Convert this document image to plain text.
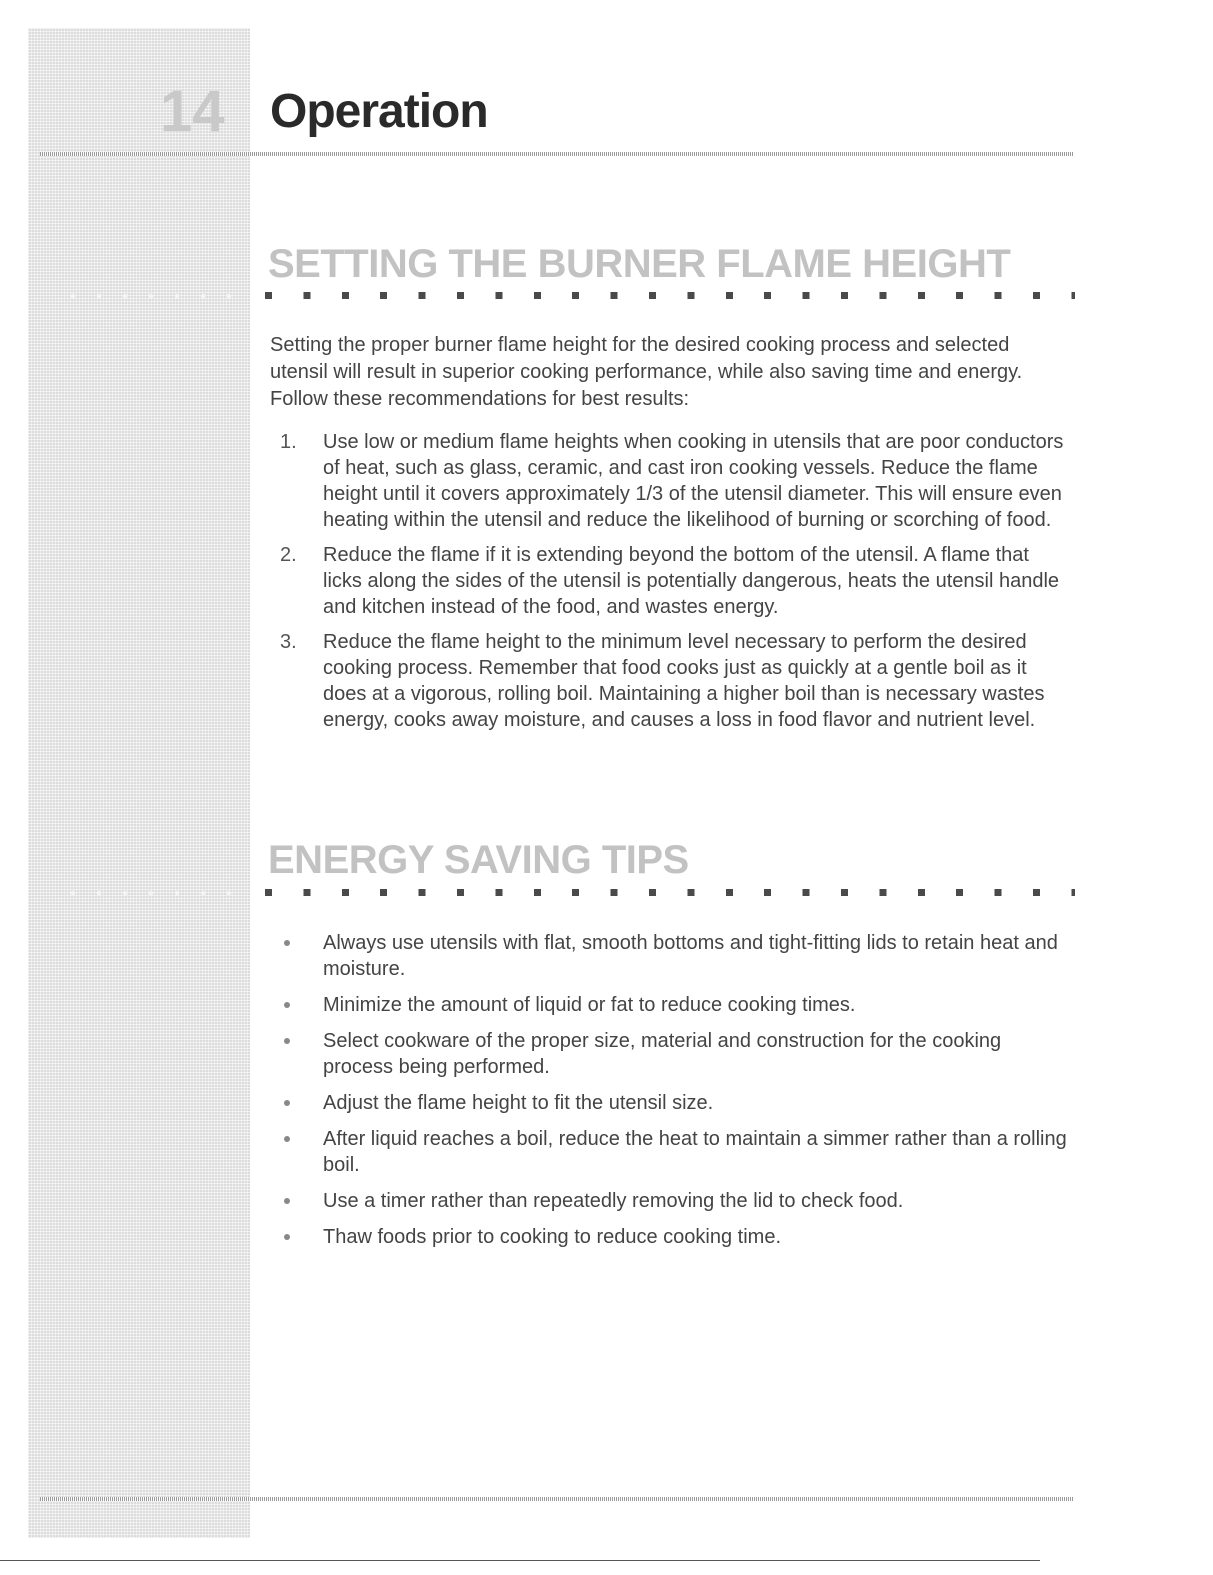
14 Operation
SETTING THE BURNER FLAME HEIGHT

Setting the proper burner flame height for the desired cooking process and selected utensil will result in superior cooking performance, while also saving time and energy. Follow these recommendations for best results:

1.	Use low or medium flame heights when cooking in utensils that are poor conductors of heat, such as glass, ceramic, and cast iron cooking vessels. Reduce the flame height until it covers approximately 1/3 of the utensil diameter. This will ensure even heating within the utensil and reduce the likelihood of burning or scorching of food.
2.	Reduce the flame if it is extending beyond the bottom of the utensil. A flame that licks along the sides of the utensil is potentially dangerous, heats the utensil handle and kitchen instead of the food, and wastes energy.
3.	Reduce the flame height to the minimum level necessary to perform the desired cooking process. Remember that food cooks just as quickly at a gentle boil as it does at a vigorous, rolling boil. Maintaining a higher boil than is necessary wastes energy, cooks away moisture, and causes a loss in food flavor and nutrient level.
ENERGY SAVING TIPS
Always use utensils with flat, smooth bottoms and tight-fitting lids to retain heat and moisture.
Minimize the amount of liquid or fat to reduce cooking times.
Select cookware of the proper size, material and construction for the cooking process being performed.
Adjust the flame height to fit the utensil size.
After liquid reaches a boil, reduce the heat to maintain a simmer rather than a rolling boil.
Use a timer rather than repeatedly removing the lid to check food.
Thaw foods prior to cooking to reduce cooking time.
